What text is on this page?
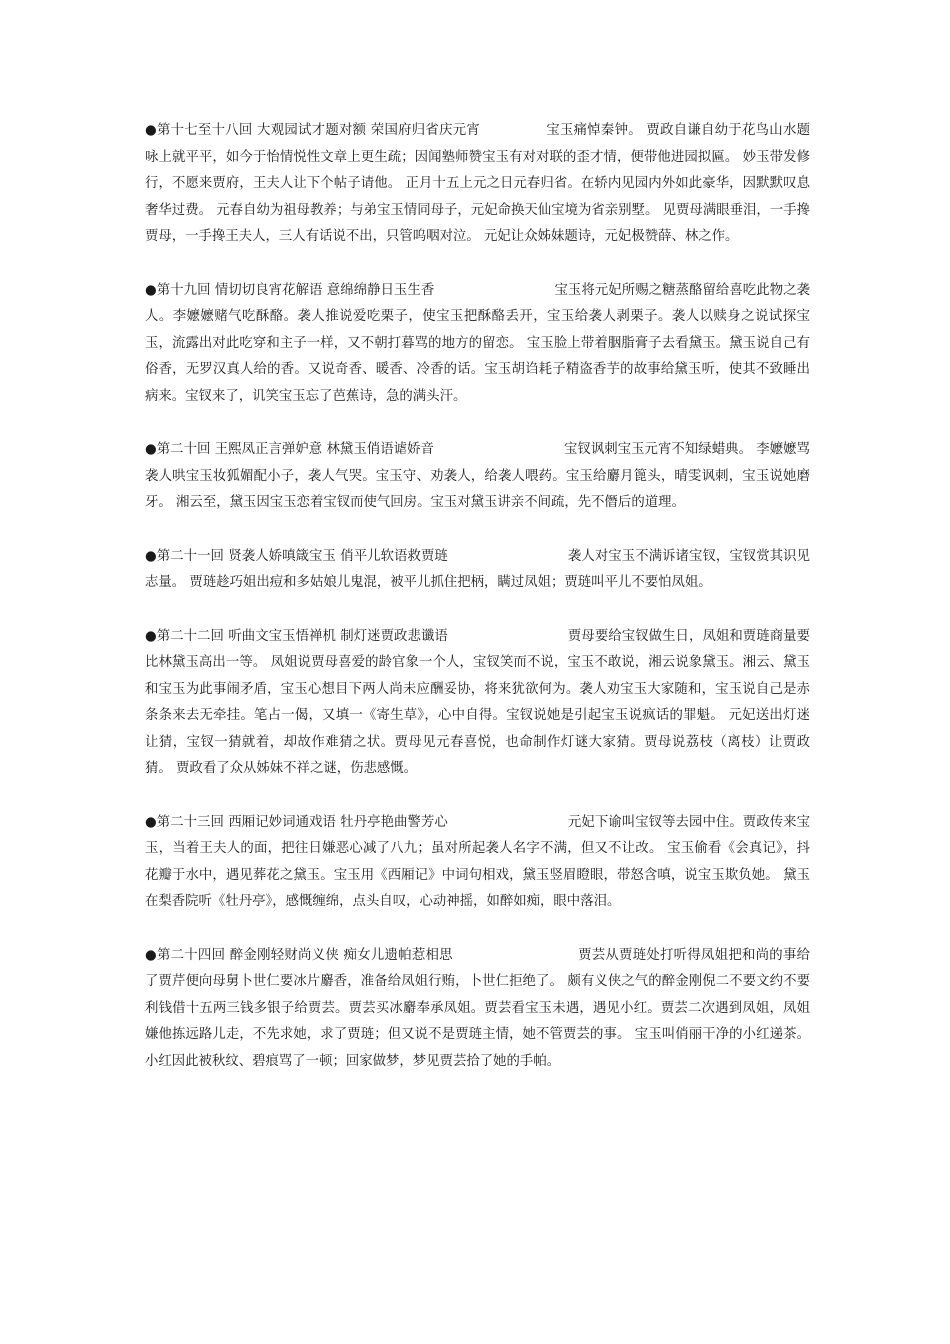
●第十七至十八回 大观园试才题对额 荣国府归省庆元宵	宝玉痛悼秦钟。 贾政自谦自幼于花鸟山水题咏上就平平，如今于怡情悦性文章上更生疏；因闻塾师赞宝玉有对对联的歪才情，便带他进园拟匾。 妙玉带发修行，不愿来贾府，王夫人让下个帖子请他。 正月十五上元之日元春归省。在轿内见园内外如此豪华，因默默叹息奢华过费。 元春自幼为祖母教养；与弟宝玉情同母子，元妃命换天仙宝境为省亲别墅。 见贾母满眼垂泪，一手搀贾母，一手搀王夫人，三人有话说不出，只管呜咽对泣。 元妃让众姊妹题诗，元妃极赞薛、林之作。

●第十九回 情切切良宵花解语 意绵绵静日玉生香	宝玉将元妃所赐之糖蒸酪留给喜吃此物之袭人。李嬷嬷赌气吃酥酪。袭人推说爱吃栗子，使宝玉把酥酪丢开，宝玉给袭人剥栗子。袭人以赎身之说试探宝玉，流露出对此吃穿和主子一样，又不朝打暮骂的地方的留恋。 宝玉脸上带着胭脂膏子去看黛玉。黛玉说自己有俗香，无罗汉真人给的香。又说奇香、暖香、冷香的话。宝玉胡诌耗子精盗香芋的故事给黛玉听，使其不致睡出病来。宝钗来了，讥笑宝玉忘了芭蕉诗，急的满头汗。

●第二十回 王熙凤正言弹妒意 林黛玉俏语谑娇音	宝钗讽刺宝玉元宵不知绿蜡典。 李嬷嬷骂袭人哄宝玉妆狐媚配小子，袭人气哭。宝玉守、劝袭人，给袭人喂药。宝玉给麝月篦头，晴雯讽刺，宝玉说她磨牙。 湘云至，黛玉因宝玉恋着宝钗而使气回房。宝玉对黛玉讲亲不间疏，先不僭后的道理。

●第二十一回 贤袭人娇嗔箴宝玉 俏平儿软语救贾琏	袭人对宝玉不满诉诸宝钗，宝钗赏其识见志量。 贾琏趁巧姐出痘和多姑娘儿鬼混，被平儿抓住把柄，瞒过凤姐；贾琏叫平儿不要怕凤姐。

●第二十二回 听曲文宝玉悟禅机 制灯迷贾政悲谶语	贾母要给宝钗做生日，凤姐和贾琏商量要比林黛玉高出一等。 凤姐说贾母喜爱的龄官象一个人，宝钗笑而不说，宝玉不敢说，湘云说象黛玉。湘云、黛玉和宝玉为此事闹矛盾，宝玉心想目下两人尚未应酬妥协，将来犹欲何为。袭人劝宝玉大家随和，宝玉说自己是赤条条来去无牵挂。笔占一偈，又填一《寄生草》，心中自得。宝钗说她是引起宝玉说疯话的罪魁。 元妃送出灯迷让猜，宝钗一猜就着，却故作难猜之状。贾母见元春喜悦，也命制作灯谜大家猜。贾母说荔枝（离枝）让贾政猜。 贾政看了众从姊妹不祥之谜，伤悲感慨。

●第二十三回 西厢记妙词通戏语 牡丹亭艳曲警芳心	元妃下谕叫宝钗等去园中住。贾政传来宝玉，当着王夫人的面，把往日嫌恶心减了八九；虽对所起袭人名字不满，但又不让改。 宝玉偷看《会真记》，抖花瓣于水中，遇见葬花之黛玉。宝玉用《西厢记》中词句相戏，黛玉竖眉瞪眼，带怒含嗔，说宝玉欺负她。 黛玉在梨香院听《牡丹亭》，感慨缠绵，点头自叹，心动神摇，如醉如痴，眼中落泪。

●第二十四回 醉金刚轻财尚义侠 痴女儿遗帕惹相思	贾芸从贾琏处打听得凤姐把和尚的事给了贾芹便向母舅卜世仁要冰片麝香，准备给凤姐行贿，卜世仁拒绝了。 颇有义侠之气的醉金刚倪二不要文约不要利钱借十五两三钱多银子给贾芸。贾芸买冰麝奉承凤姐。贾芸看宝玉未遇，遇见小红。贾芸二次遇到凤姐，凤姐嫌他拣远路儿走，不先求她，求了贾琏；但又说不是贾琏主情，她不管贾芸的事。 宝玉叫俏丽干净的小红递茶。小红因此被秋纹、碧痕骂了一顿；回家做梦，梦见贾芸拾了她的手帕。
